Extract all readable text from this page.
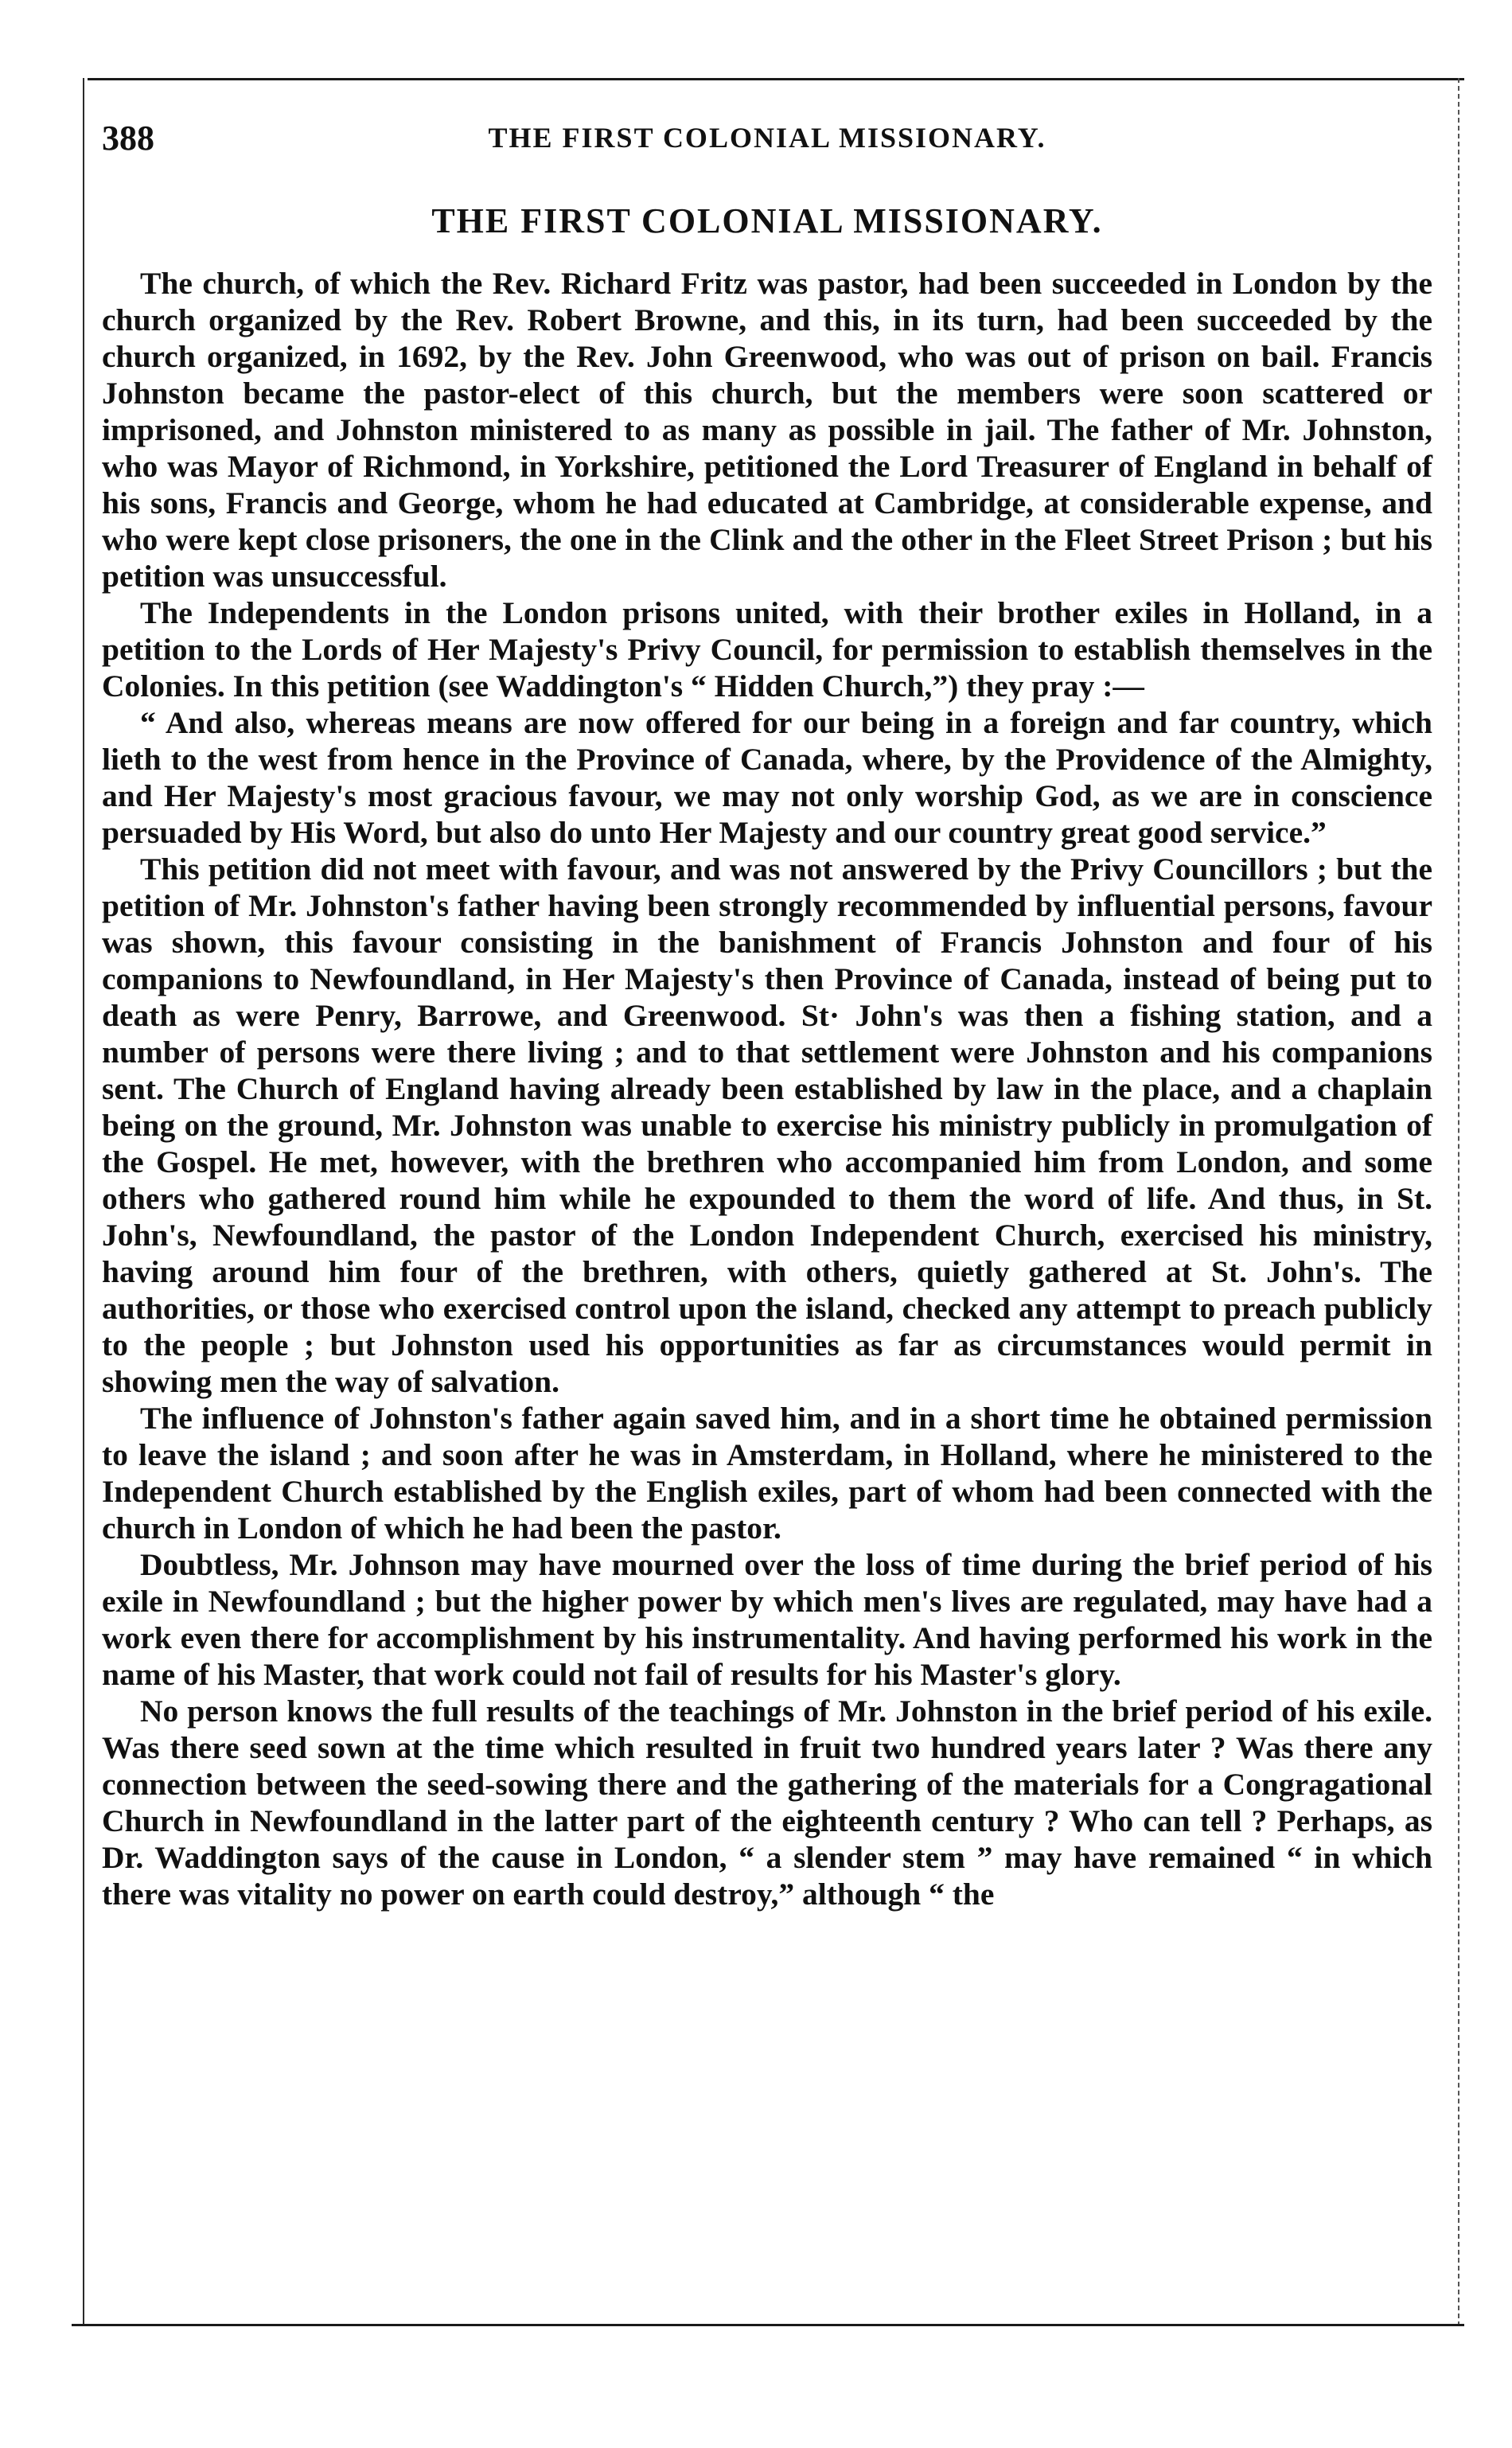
388	THE FIRST COLONIAL MISSIONARY.
THE FIRST COLONIAL MISSIONARY.

The church, of which the Rev. Richard Fritz was pastor, had been succeeded in London by the church organized by the Rev. Robert Browne, and this, in its turn, had been succeeded by the church organized, in 1692, by the Rev. John Greenwood, who was out of prison on bail. Francis Johnston became the pastor-elect of this church, but the members were soon scattered or imprisoned, and Johnston ministered to as many as possible in jail. The father of Mr. Johnston, who was Mayor of Richmond, in Yorkshire, petitioned the Lord Treasurer of England in behalf of his sons, Francis and George, whom he had educated at Cambridge, at considerable expense, and who were kept close prisoners, the one in the Clink and the other in the Fleet Street Prison ; but his petition was unsuccessful.

The Independents in the London prisons united, with their brother exiles in Holland, in a petition to the Lords of Her Majesty's Privy Council, for permission to establish themselves in the Colonies. In this petition (see Waddington's “ Hidden Church,”) they pray :—

“ And also, whereas means are now offered for our being in a foreign and far country, which lieth to the west from hence in the Province of Canada, where, by the Providence of the Almighty, and Her Majesty's most gracious favour, we may not only worship God, as we are in conscience persuaded by His Word, but also do unto Her Majesty and our country great good service.”

This petition did not meet with favour, and was not answered by the Privy Councillors ; but the petition of Mr. Johnston's father having been strongly recommended by influential persons, favour was shown, this favour consisting in the banishment of Francis Johnston and four of his companions to Newfoundland, in Her Majesty's then Province of Canada, instead of being put to death as were Penry, Barrowe, and Greenwood. St· John's was then a fishing station, and a number of persons were there living ; and to that settlement were Johnston and his companions sent. The Church of England having already been established by law in the place, and a chaplain being on the ground, Mr. Johnston was unable to exercise his ministry publicly in promulgation of the Gospel. He met, however, with the brethren who accompanied him from London, and some others who gathered round him while he expounded to them the word of life. And thus, in St. John's, Newfoundland, the pastor of the London Independent Church, exercised his ministry, having around him four of the brethren, with others, quietly gathered at St. John's. The authorities, or those who exercised control upon the island, checked any attempt to preach publicly to the people ; but Johnston used his opportunities as far as circumstances would permit in showing men the way of salvation.

The influence of Johnston's father again saved him, and in a short time he obtained permission to leave the island ; and soon after he was in Amsterdam, in Holland, where he ministered to the Independent Church established by the English exiles, part of whom had been connected with the church in London of which he had been the pastor.

Doubtless, Mr. Johnson may have mourned over the loss of time during the brief period of his exile in Newfoundland ; but the higher power by which men's lives are regulated, may have had a work even there for accomplishment by his instrumentality. And having performed his work in the name of his Master, that work could not fail of results for his Master's glory.

No person knows the full results of the teachings of Mr. Johnston in the brief period of his exile. Was there seed sown at the time which resulted in fruit two hundred years later ? Was there any connection between the seed-sowing there and the gathering of the materials for a Congragational Church in Newfoundland in the latter part of the eighteenth century ? Who can tell ? Perhaps, as Dr. Waddington says of the cause in London, “ a slender stem ” may have remained “ in which there was vitality no power on earth could destroy,” although “ the
